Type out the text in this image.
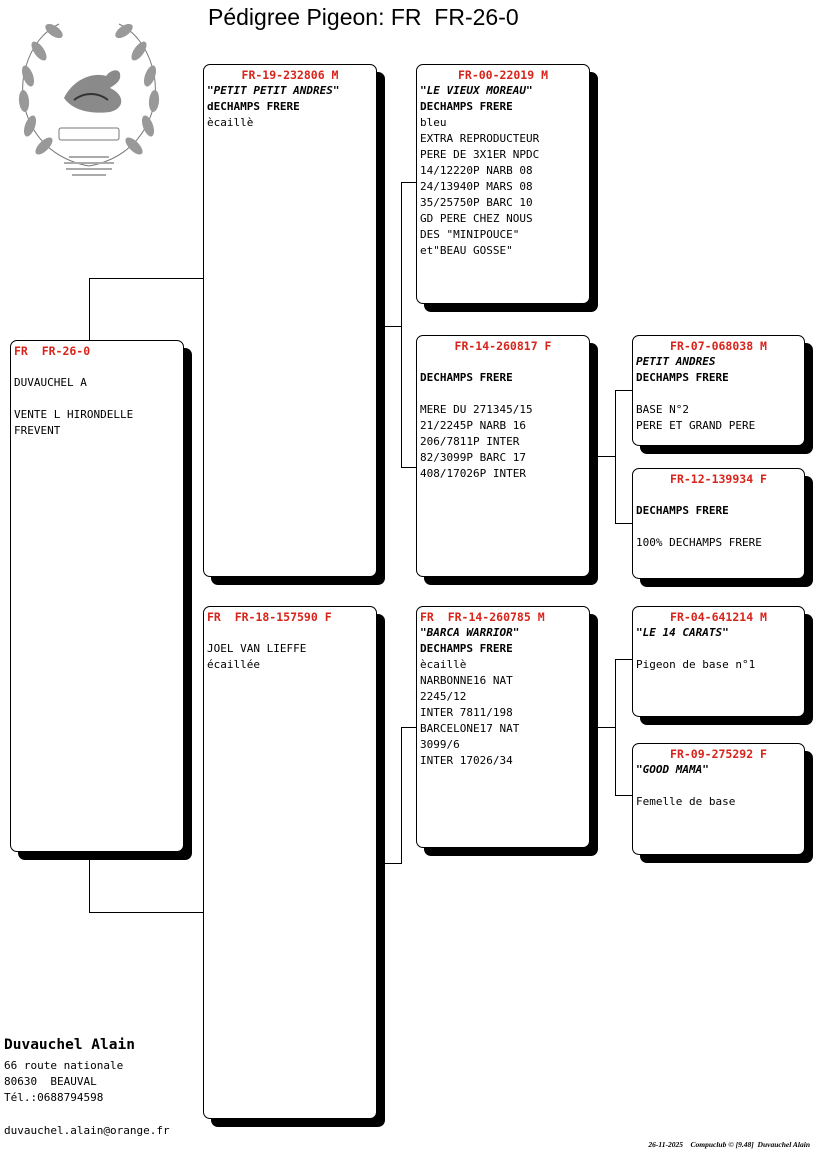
Pédigree Pigeon: FR  FR-26-0
FR  FR-26-0

DUVAUCHEL A

VENTE L HIRONDELLE
FREVENT
FR-19-232806 M
"PETIT PETIT ANDRES"
dECHAMPS FRERE
ècaillè
FR  FR-18-157590 F

JOEL VAN LIEFFE
écaillée
FR-00-22019 M
"LE VIEUX MOREAU"
DECHAMPS FRERE
bleu
EXTRA REPRODUCTEUR
PERE DE 3X1ER NPDC
14/12220P NARB 08
24/13940P MARS 08
35/25750P BARC 10
GD PERE CHEZ NOUS
DES "MINIPOUCE"
et"BEAU GOSSE"
FR-14-260817 F
DECHAMPS FRERE

MERE DU 271345/15
21/2245P NARB 16
206/7811P INTER
82/3099P BARC 17
408/17026P INTER
FR  FR-14-260785 M
"BARCA WARRIOR"
DECHAMPS FRERE
ècaillè
NARBONNE16 NAT
2245/12
INTER 7811/198
BARCELONE17 NAT
3099/6
INTER 17026/34
FR-07-068038 M
PETIT ANDRES
DECHAMPS FRERE

BASE N°2
PERE ET GRAND PERE
FR-12-139934 F
DECHAMPS FRERE

100% DECHAMPS FRERE
FR-04-641214 M
"LE 14 CARATS"

Pigeon de base n°1
FR-09-275292 F
"GOOD MAMA"

Femelle de base
Duvauchel Alain
66 route nationale
80630  BEAUVAL
Tél.:0688794598
duvauchel.alain@orange.fr
26-11-2025    Compuclub © [9.48]  Duvauchel Alain
